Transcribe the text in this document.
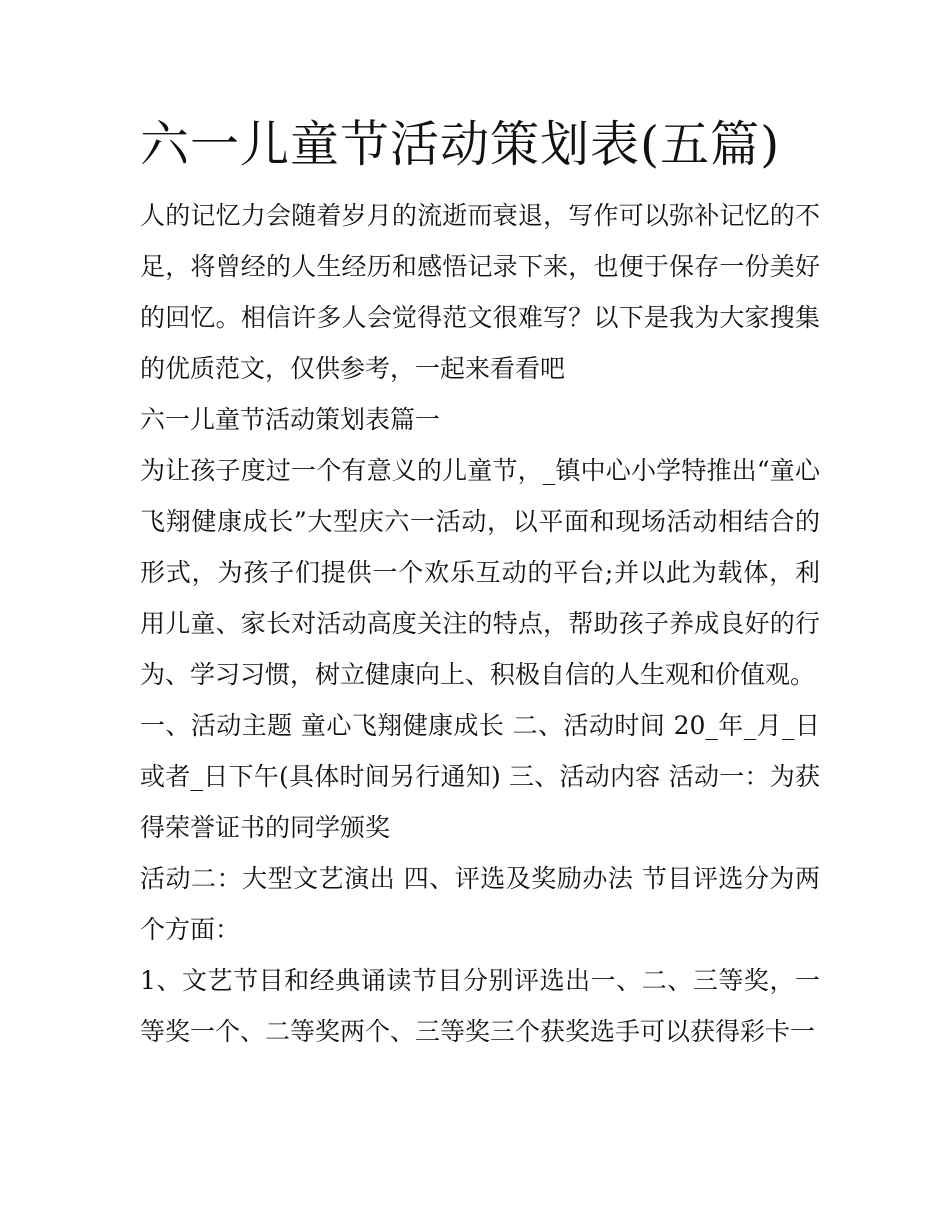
六一儿童节活动策划表(五篇)

人的记忆力会随着岁月的流逝而衰退，写作可以弥补记忆的不足，将曾经的人生经历和感悟记录下来，也便于保存一份美好的回忆。相信许多人会觉得范文很难写？以下是我为大家搜集的优质范文，仅供参考，一起来看看吧

六一儿童节活动策划表篇一

为让孩子度过一个有意义的儿童节，_镇中心小学特推出“童心飞翔健康成长”大型庆六一活动，以平面和现场活动相结合的形式，为孩子们提供一个欢乐互动的平台;并以此为载体，利用儿童、家长对活动高度关注的特点，帮助孩子养成良好的行为、学习习惯，树立健康向上、积极自信的人生观和价值观。

一、活动主题 童心飞翔健康成长 二、活动时间 20_年_月_日或者_日下午(具体时间另行通知) 三、活动内容 活动一：为获得荣誉证书的同学颁奖

活动二：大型文艺演出 四、评选及奖励办法 节目评选分为两个方面：

1、文艺节目和经典诵读节目分别评选出一、二、三等奖，一等奖一个、二等奖两个、三等奖三个获奖选手可以获得彩卡一
